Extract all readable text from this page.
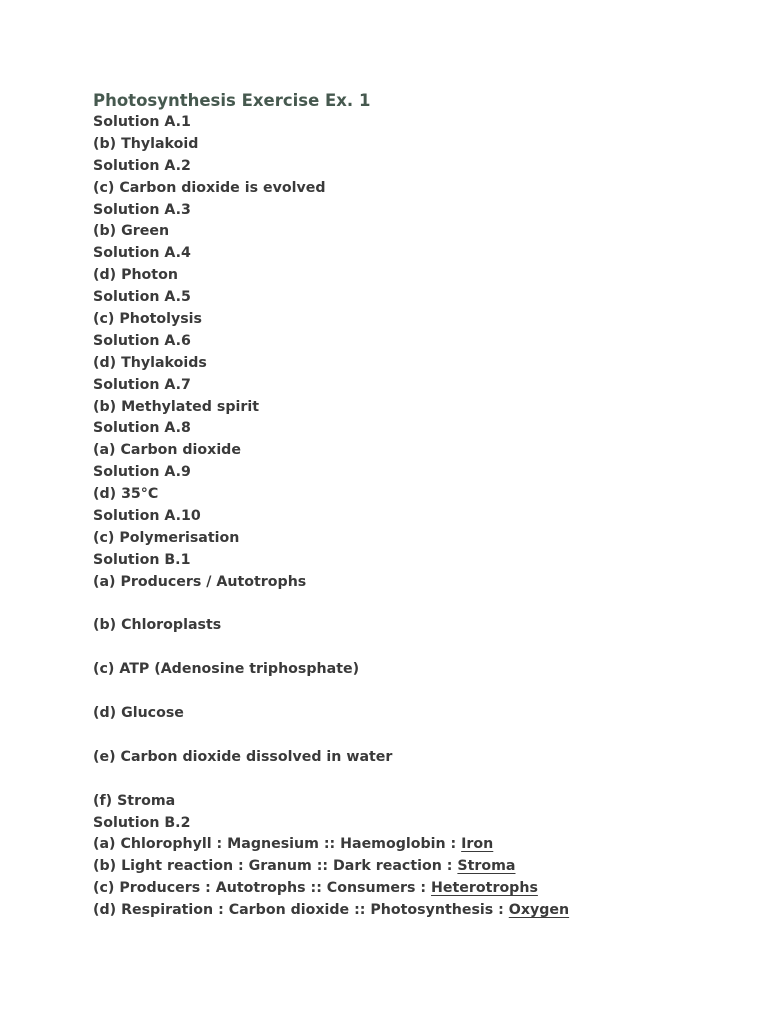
Photosynthesis Exercise Ex. 1
Solution A.1
(b) Thylakoid
Solution A.2
(c) Carbon dioxide is evolved
Solution A.3
(b) Green
Solution A.4
(d) Photon
Solution A.5
(c) Photolysis
Solution A.6
(d) Thylakoids
Solution A.7
(b) Methylated spirit
Solution A.8
(a) Carbon dioxide
Solution A.9
(d) 35°C
Solution A.10
(c) Polymerisation
Solution B.1
(a) Producers / Autotrophs
(b) Chloroplasts
(c) ATP (Adenosine triphosphate)
(d) Glucose
(e) Carbon dioxide dissolved in water
(f) Stroma
Solution B.2
(a) Chlorophyll : Magnesium :: Haemoglobin : Iron
(b) Light reaction : Granum :: Dark reaction : Stroma
(c) Producers : Autotrophs :: Consumers : Heterotrophs
(d) Respiration : Carbon dioxide :: Photosynthesis : Oxygen
